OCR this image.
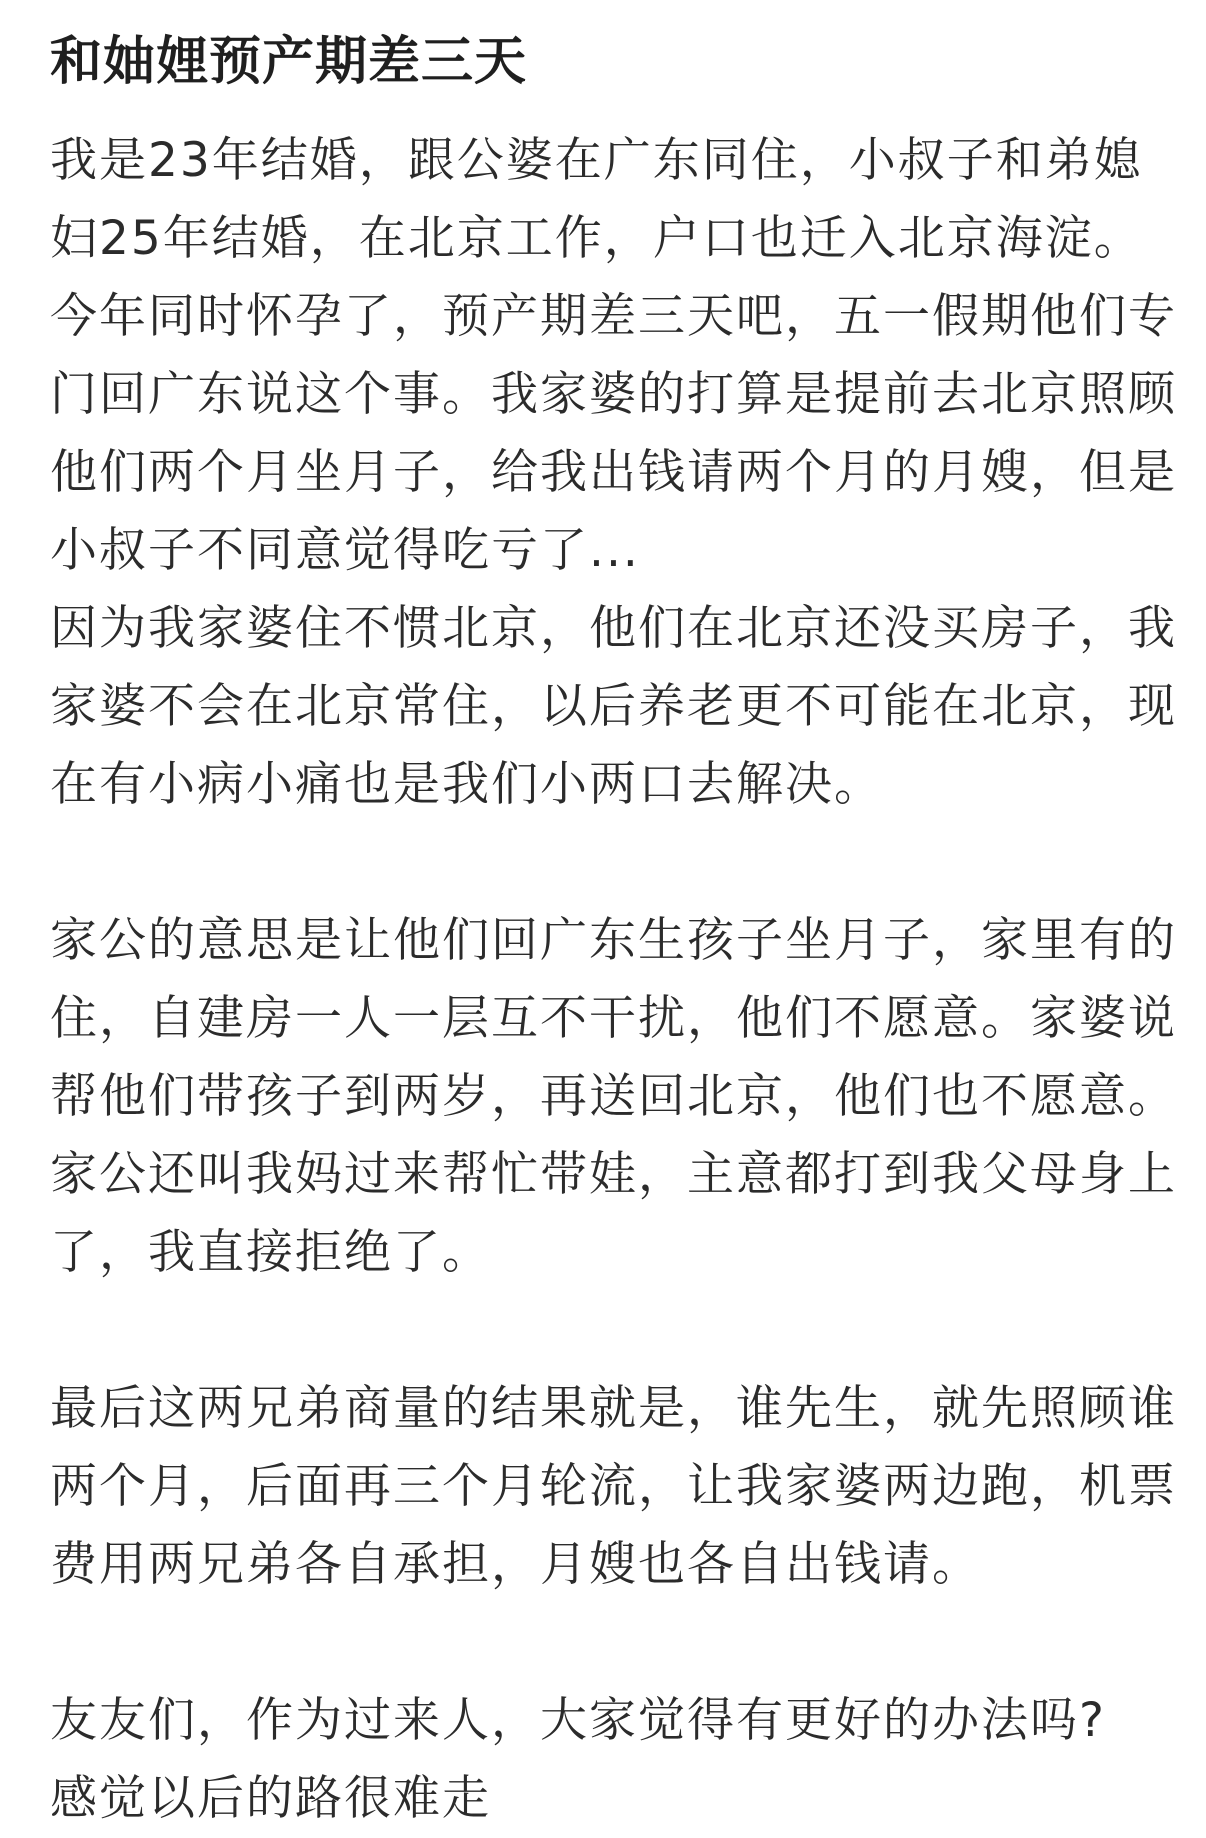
和妯娌预产期差三天

我是23年结婚，跟公婆在广东同住，小叔子和弟媳
妇25年结婚，在北京工作，户口也迁入北京海淀。
今年同时怀孕了，预产期差三天吧，五一假期他们专
门回广东说这个事。我家婆的打算是提前去北京照顾
他们两个月坐月子，给我出钱请两个月的月嫂，但是
小叔子不同意觉得吃亏了...

因为我家婆住不惯北京，他们在北京还没买房子，我
家婆不会在北京常住，以后养老更不可能在北京，现
在有小病小痛也是我们小两口去解决。

家公的意思是让他们回广东生孩子坐月子，家里有的
住，自建房一人一层互不干扰，他们不愿意。家婆说
帮他们带孩子到两岁，再送回北京，他们也不愿意。
家公还叫我妈过来帮忙带娃，主意都打到我父母身上
了，我直接拒绝了。

最后这两兄弟商量的结果就是，谁先生，就先照顾谁
两个月，后面再三个月轮流，让我家婆两边跑，机票
费用两兄弟各自承担，月嫂也各自出钱请。

友友们，作为过来人，大家觉得有更好的办法吗?
感觉以后的路很难走
